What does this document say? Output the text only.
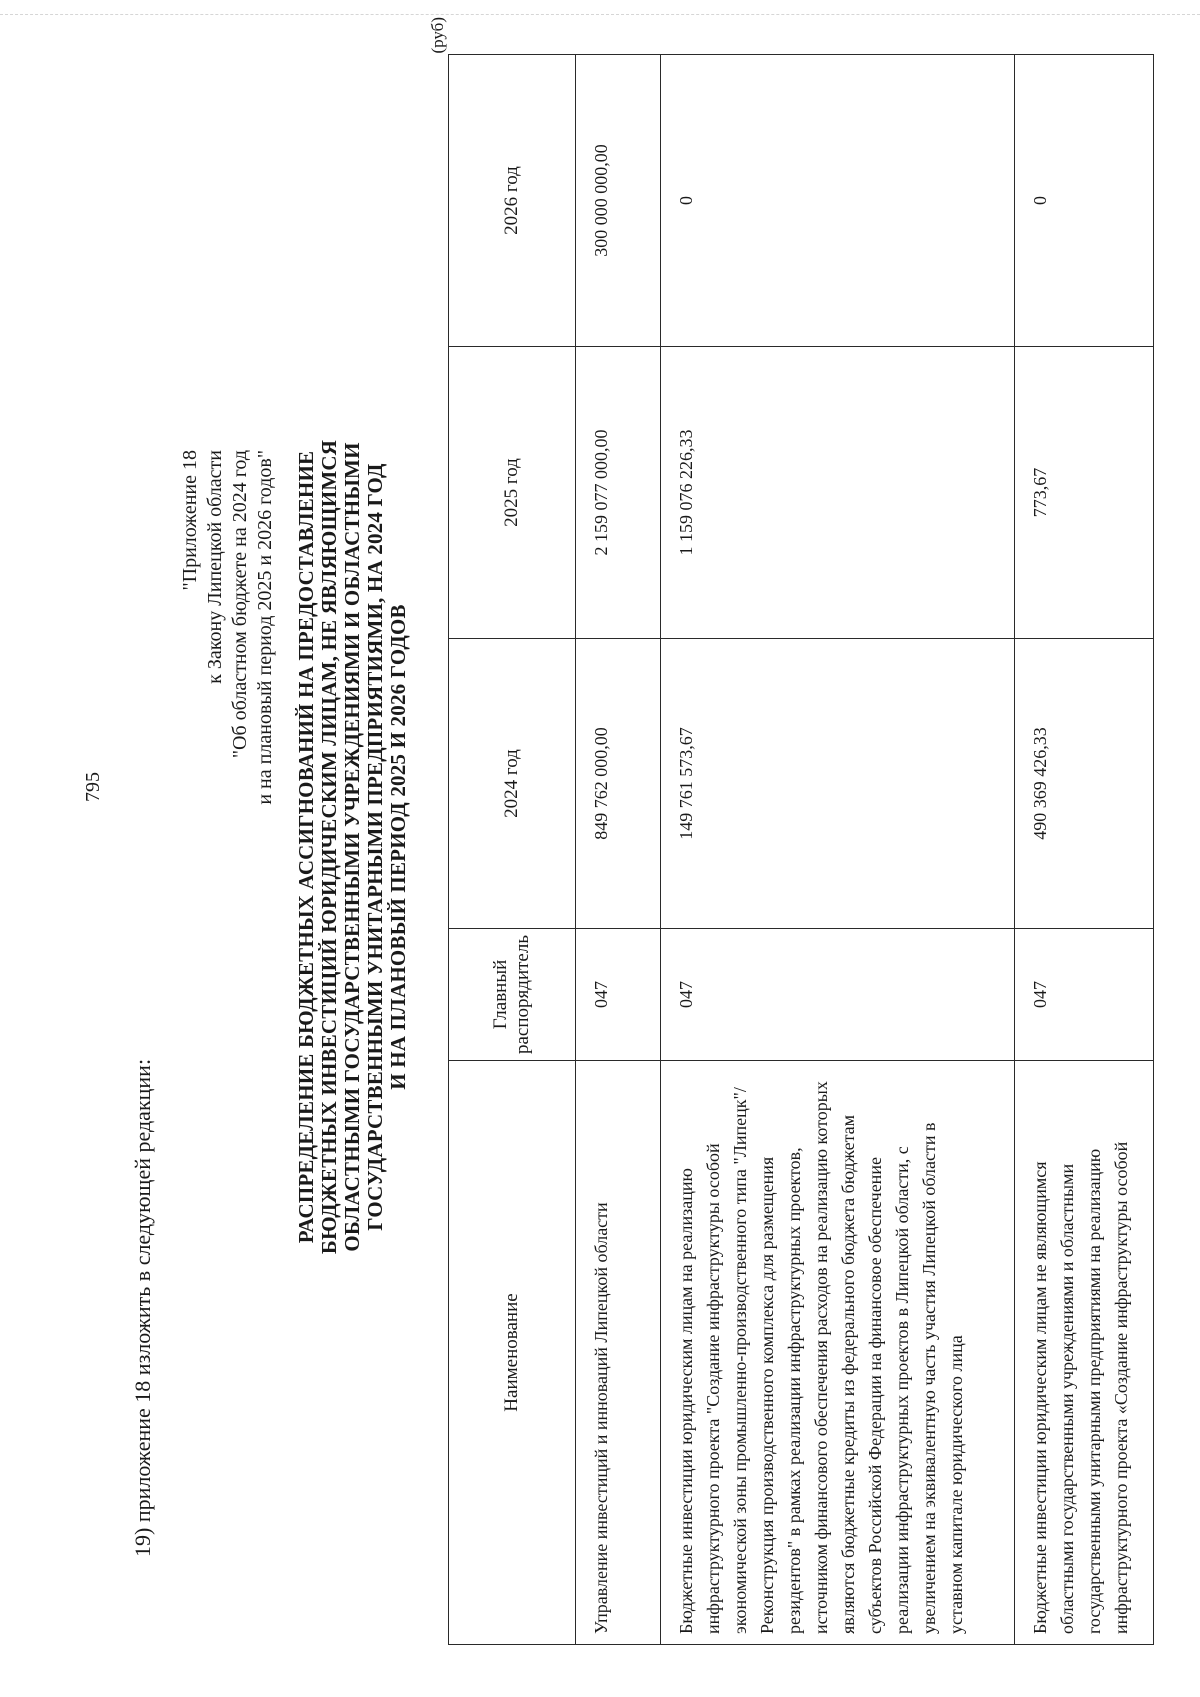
795
19) приложение 18 изложить в следующей редакции:
"Приложение 18 к Закону Липецкой области "Об областном бюджете на 2024 год и на плановый период 2025 и 2026 годов" РАСПРЕДЕЛЕНИЕ БЮДЖЕТНЫХ АССИГНОВАНИЙ НА ПРЕДОСТАВЛЕНИЕ БЮДЖЕТНЫХ ИНВЕСТИЦИЙ ЮРИДИЧЕСКИМ ЛИЦАМ, НЕ ЯВЛЯЮЩИМСЯ ОБЛАСТНЫМИ ГОСУДАРСТВЕННЫМИ УЧРЕЖДЕНИЯМИ И ОБЛАСТНЫМИ ГОСУДАРСТВЕННЫМИ УНИТАРНЫМИ ПРЕДПРИЯТИЯМИ, НА 2024 ГОД И НА ПЛАНОВЫЙ ПЕРИОД 2025 И 2026 ГОДОВ
(руб)
Наименование	Главный распорядитель	2024 год	2025 год	2026 год
Управление инвестиций и инноваций Липецкой области	047	849 762 000,00	2 159 077 000,00	300 000 000,00
Бюджетные инвестиции юридическим лицам на реализацию инфраструктурного проекта "Создание инфраструктуры особой экономической зоны промышленно-производственного типа "Липецк"/Реконструкция производственного комплекса для размещения резидентов" в рамках реализации инфраструктурных проектов, источником финансового обеспечения расходов на реализацию которых являются бюджетные кредиты из федерального бюджета бюджетам субъектов Российской Федерации на финансовое обеспечение реализации инфраструктурных проектов в Липецкой области, с увеличением на эквивалентную часть участия Липецкой области в уставном капитале юридического лица	047	149 761 573,67	1 159 076 226,33	0
Бюджетные инвестиции юридическим лицам не являющимся областными государственными учреждениями и областными государственными унитарными предприятиями на реализацию инфраструктурного проекта «Создание инфраструктуры особой	047	490 369 426,33	773,67	0
